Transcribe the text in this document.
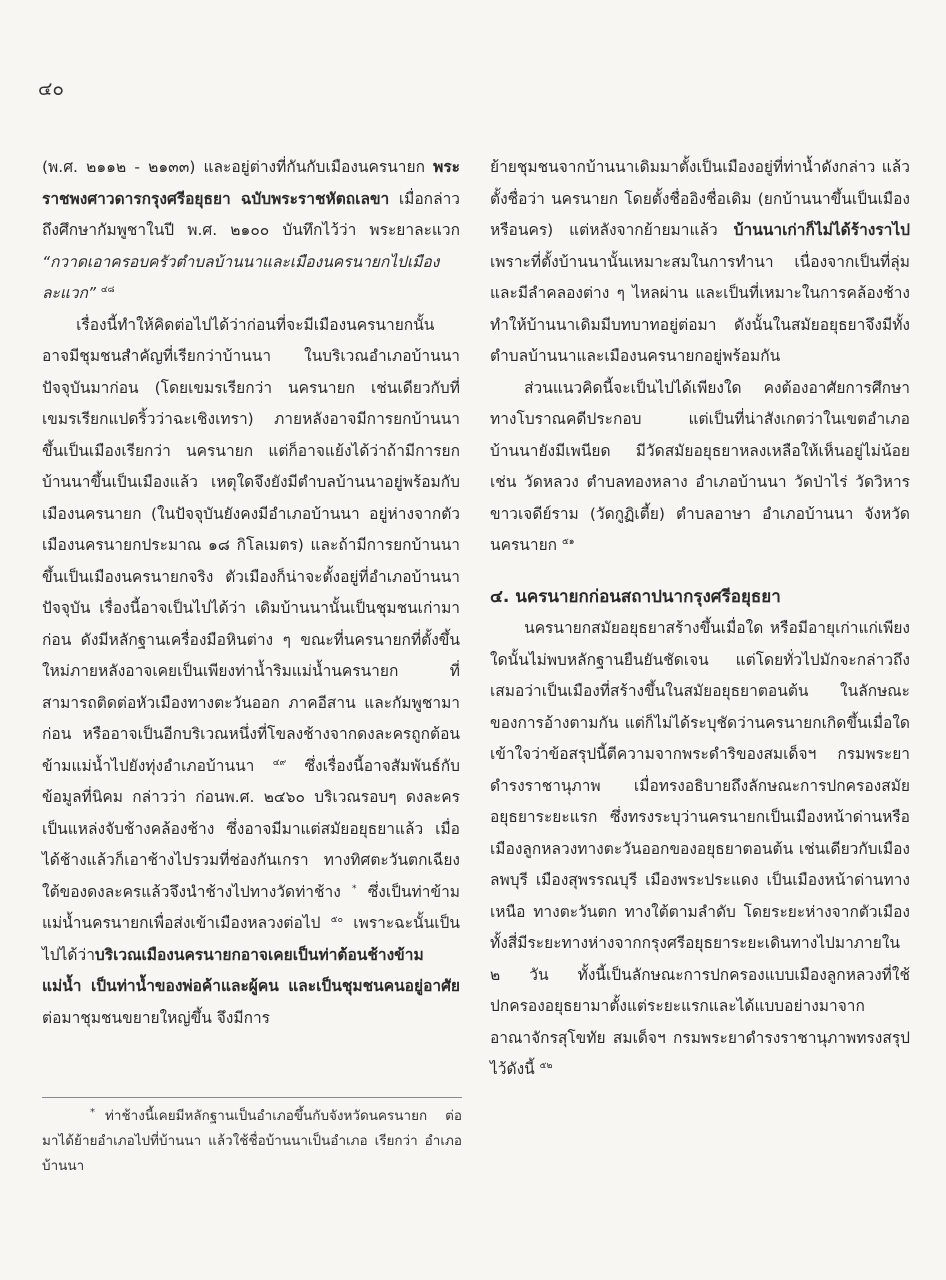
๔๐

(พ.ศ. ๒๑๑๒ - ๒๑๓๓) และอยู่ต่างที่กันกับเมืองนครนายก พระราชพงศาวดารกรุงศรีอยุธยา ฉบับพระราชหัตถเลขา เมื่อกล่าวถึงศึกษากัมพูชาในปี พ.ศ. ๒๑๐๐ บันทึกไว้ว่า พระยาละแวก “กวาดเอาครอบครัวตำบลบ้านนาและเมืองนครนายกไปเมืองละแวก” $^{๔๘}$

เรื่องนี้ทำให้คิดต่อไปได้ว่าก่อนที่จะมีเมืองนครนายกนั้น อาจมีชุมชนสำคัญที่เรียกว่าบ้านนา ในบริเวณอำเภอบ้านนาปัจจุบันมาก่อน (โดยเขมรเรียกว่า นครนายก เช่นเดียวกับที่เขมรเรียกแปดริ้วว่าฉะเชิงเทรา) ภายหลังอาจมีการยกบ้านนาขึ้นเป็นเมืองเรียกว่า นครนายก แต่ก็อาจแย้งได้ว่าถ้ามีการยกบ้านนาขึ้นเป็นเมืองแล้ว เหตุใดจึงยังมีตำบลบ้านนาอยู่พร้อมกับเมืองนครนายก (ในปัจจุบันยังคงมีอำเภอบ้านนา อยู่ห่างจากตัวเมืองนครนายกประมาณ ๑๘ กิโลเมตร) และถ้ามีการยกบ้านนาขึ้นเป็นเมืองนครนายกจริง ตัวเมืองก็น่าจะตั้งอยู่ที่อำเภอบ้านนาปัจจุบัน เรื่องนี้อาจเป็นไปได้ว่า เดิมบ้านนานั้นเป็นชุมชนเก่ามาก่อน ดังมีหลักฐานเครื่องมือหินต่าง ๆ ขณะที่นครนายกที่ตั้งขึ้นใหม่ภายหลังอาจเคยเป็นเพียงท่าน้ำริมแม่น้ำนครนายก ที่สามารถติดต่อหัวเมืองทางตะวันออก ภาคอีสาน และกัมพูชามาก่อน หรืออาจเป็นอีกบริเวณหนึ่งที่โขลงช้างจากดงละครถูกต้อนข้ามแม่น้ำไปยังทุ่งอำเภอบ้านนา $^{๔๙}$ ซึ่งเรื่องนี้อาจสัมพันธ์กับข้อมูลที่นิคม กล่าวว่า ก่อนพ.ศ. ๒๔๖๐ บริเวณรอบๆ ดงละครเป็นแหล่งจับช้างคล้องช้าง ซึ่งอาจมีมาแต่สมัยอยุธยาแล้ว เมื่อได้ช้างแล้วก็เอาช้างไปรวมที่ช่องกันเกรา ทางทิศตะวันตกเฉียงใต้ของดงละครแล้วจึงนำช้างไปทางวัดท่าช้าง * ซึ่งเป็นท่าข้ามแม่น้ำนครนายกเพื่อส่งเข้าเมืองหลวงต่อไป $^{๕๐}$ เพราะฉะนั้นเป็นไปได้ว่าบริเวณเมืองนครนายกอาจเคยเป็นท่าต้อนช้างข้ามแม่น้ำ เป็นท่าน้ำของพ่อค้าและผู้คน และเป็นชุมชนคนอยู่อาศัย ต่อมาชุมชนขยายใหญ่ขึ้น จึงมีการ

ย้ายชุมชนจากบ้านนาเดิมมาตั้งเป็นเมืองอยู่ที่ท่าน้ำดังกล่าว แล้วตั้งชื่อว่า นครนายก โดยตั้งชื่ออิงชื่อเดิม (ยกบ้านนาขึ้นเป็นเมืองหรือนคร) แต่หลังจากย้ายมาแล้ว บ้านนาเก่าก็ไม่ได้ร้างราไป เพราะที่ตั้งบ้านนานั้นเหมาะสมในการทำนา เนื่องจากเป็นที่ลุ่มและมีลำคลองต่าง ๆ ไหลผ่าน และเป็นที่เหมาะในการคล้องช้าง ทำให้บ้านนาเดิมมีบทบาทอยู่ต่อมา ดังนั้นในสมัยอยุธยาจึงมีทั้งตำบลบ้านนาและเมืองนครนายกอยู่พร้อมกัน

ส่วนแนวคิดนี้จะเป็นไปได้เพียงใด คงต้องอาศัยการศึกษาทางโบราณคดีประกอบ แต่เป็นที่น่าสังเกตว่าในเขตอำเภอบ้านนายังมีเพนียด มีวัดสมัยอยุธยาหลงเหลือให้เห็นอยู่ไม่น้อย เช่น วัดหลวง ตำบลทองหลาง อำเภอบ้านนา วัดป่าไร่ วัดวิหารขาวเจดีย์ราม (วัดกูฏิเตี้ย) ตำบลอาษา อำเภอบ้านนา จังหวัดนครนายก $^{๕๑}$

๔. นครนายกก่อนสถาปนากรุงศรีอยุธยา

นครนายกสมัยอยุธยาสร้างขึ้นเมื่อใด หรือมีอายุเก่าแก่เพียงใดนั้นไม่พบหลักฐานยืนยันชัดเจน แต่โดยทั่วไปมักจะกล่าวถึงเสมอว่าเป็นเมืองที่สร้างขึ้นในสมัยอยุธยาตอนต้น ในลักษณะของการอ้างตามกัน แต่ก็ไม่ได้ระบุชัดว่านครนายกเกิดขึ้นเมื่อใด เข้าใจว่าข้อสรุปนี้ตีความจากพระดำริของสมเด็จฯ กรมพระยาดำรงราชานุภาพ เมื่อทรงอธิบายถึงลักษณะการปกครองสมัยอยุธยาระยะแรก ซึ่งทรงระบุว่านครนายกเป็นเมืองหน้าด่านหรือเมืองลูกหลวงทางตะวันออกของอยุธยาตอนต้น เช่นเดียวกับเมืองลพบุรี เมืองสุพรรณบุรี เมืองพระประแดง เป็นเมืองหน้าด่านทางเหนือ ทางตะวันตก ทางใต้ตามลำดับ โดยระยะห่างจากตัวเมืองทั้งสี่มีระยะทางห่างจากกรุงศรีอยุธยาระยะเดินทางไปมาภายใน ๒ วัน ทั้งนี้เป็นลักษณะการปกครองแบบเมืองลูกหลวงที่ใช้ปกครองอยุธยามาตั้งแต่ระยะแรกและได้แบบอย่างมาจากอาณาจักรสุโขทัย สมเด็จฯ กรมพระยาดำรงราชานุภาพทรงสรุปไว้ดังนี้ $^{๕๒}$

* ท่าช้างนี้เคยมีหลักฐานเป็นอำเภอขึ้นกับจังหวัดนครนายก ต่อมาได้ย้ายอำเภอไปที่บ้านนา แล้วใช้ชื่อบ้านนาเป็นอำเภอ เรียกว่า อำเภอบ้านนา
